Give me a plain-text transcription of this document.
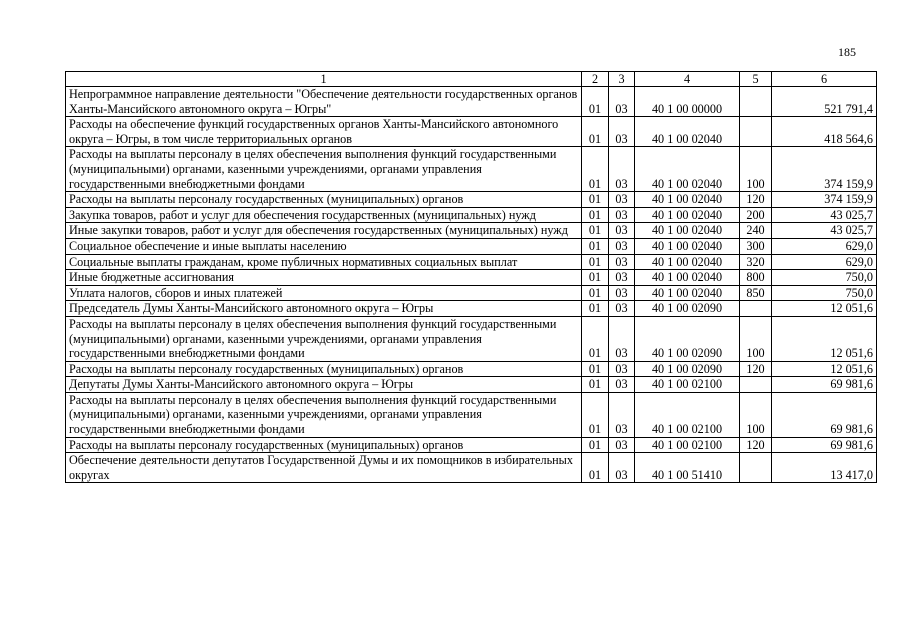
185
1	2	3	4	5	6
Непрограммное направление деятельности "Обеспечение деятельности государственных органов Ханты-Мансийского автономного округа – Югры"	01	03	40 1 00 00000		521 791,4
Расходы на обеспечение функций государственных органов Ханты-Мансийского автономного округа – Югры, в том числе территориальных органов	01	03	40 1 00 02040		418 564,6
Расходы на выплаты персоналу в целях обеспечения выполнения функций государственными (муниципальными) органами, казенными учреждениями, органами управления государственными внебюджетными фондами	01	03	40 1 00 02040	100	374 159,9
Расходы на выплаты персоналу государственных (муниципальных) органов	01	03	40 1 00 02040	120	374 159,9
Закупка товаров, работ и услуг для обеспечения государственных (муниципальных) нужд	01	03	40 1 00 02040	200	43 025,7
Иные закупки товаров, работ и услуг для обеспечения государственных (муниципальных) нужд	01	03	40 1 00 02040	240	43 025,7
Социальное обеспечение и иные выплаты населению	01	03	40 1 00 02040	300	629,0
Социальные выплаты гражданам, кроме публичных нормативных социальных выплат	01	03	40 1 00 02040	320	629,0
Иные бюджетные ассигнования	01	03	40 1 00 02040	800	750,0
Уплата налогов, сборов и иных платежей	01	03	40 1 00 02040	850	750,0
Председатель Думы Ханты-Мансийского автономного округа – Югры	01	03	40 1 00 02090		12 051,6
Расходы на выплаты персоналу в целях обеспечения выполнения функций государственными (муниципальными) органами, казенными учреждениями, органами управления государственными внебюджетными фондами	01	03	40 1 00 02090	100	12 051,6
Расходы на выплаты персоналу государственных (муниципальных) органов	01	03	40 1 00 02090	120	12 051,6
Депутаты Думы Ханты-Мансийского автономного округа – Югры	01	03	40 1 00 02100		69 981,6
Расходы на выплаты персоналу в целях обеспечения выполнения функций государственными (муниципальными) органами, казенными учреждениями, органами управления государственными внебюджетными фондами	01	03	40 1 00 02100	100	69 981,6
Расходы на выплаты персоналу государственных (муниципальных) органов	01	03	40 1 00 02100	120	69 981,6
Обеспечение деятельности депутатов Государственной Думы и их помощников в избирательных округах	01	03	40 1 00 51410		13 417,0
